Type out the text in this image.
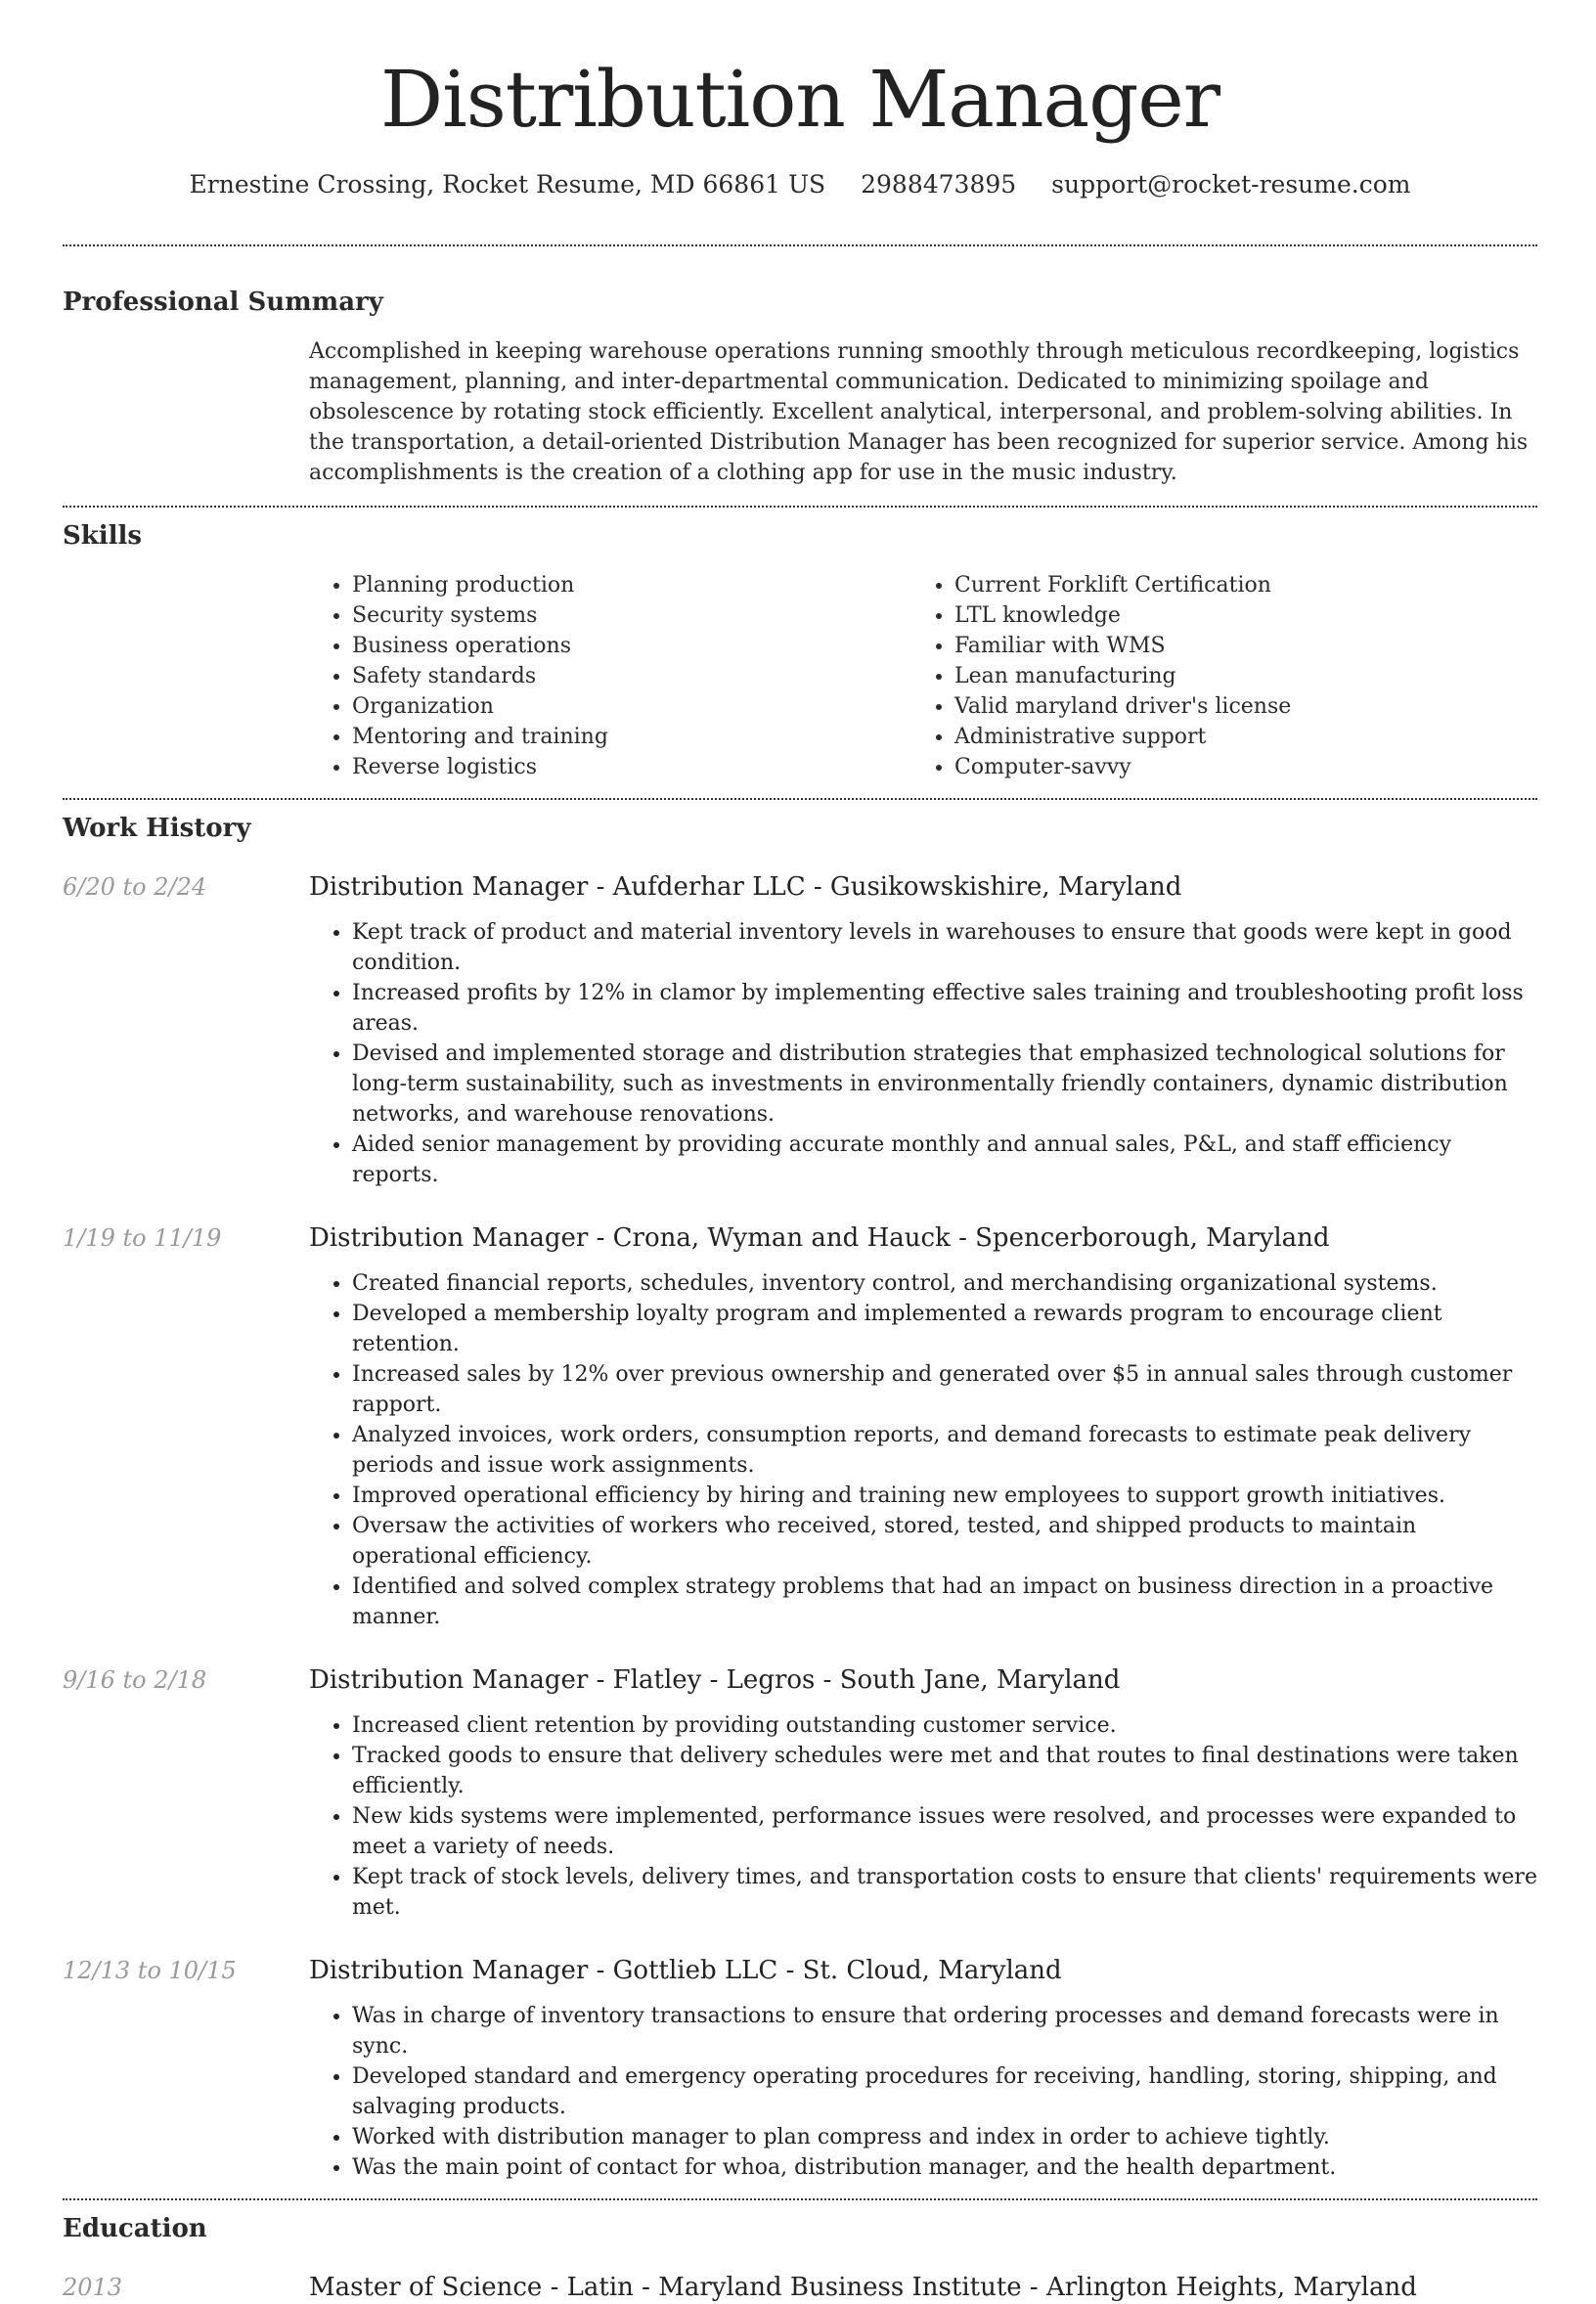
Distribution Manager
Ernestine Crossing, Rocket Resume, MD 66861 US 2988473895 support@rocket-resume.com
Professional Summary

Accomplished in keeping warehouse operations running smoothly through meticulous recordkeeping, logistics management, planning, and inter-departmental communication. Dedicated to minimizing spoilage and obsolescence by rotating stock efficiently. Excellent analytical, interpersonal, and problem-solving abilities. In the transportation, a detail-oriented Distribution Manager has been recognized for superior service. Among his accomplishments is the creation of a clothing app for use in the music industry.

Skills
• Planning production
• Security systems
• Business operations
• Safety standards
• Organization
• Mentoring and training
• Reverse logistics
• Current Forklift Certification
• LTL knowledge
• Familiar with WMS
• Lean manufacturing
• Valid maryland driver's license
• Administrative support
• Computer-savvy
Work History
6/20 to 2/24	Distribution Manager - Aufderhar LLC - Gusikowskishire, Maryland
• Kept track of product and material inventory levels in warehouses to ensure that goods were kept in good condition.
• Increased profits by 12% in clamor by implementing effective sales training and troubleshooting profit loss areas.
• Devised and implemented storage and distribution strategies that emphasized technological solutions for long-term sustainability, such as investments in environmentally friendly containers, dynamic distribution networks, and warehouse renovations.
• Aided senior management by providing accurate monthly and annual sales, P&L, and staff efficiency reports.
1/19 to 11/19	Distribution Manager - Crona, Wyman and Hauck - Spencerborough, Maryland
• Created financial reports, schedules, inventory control, and merchandising organizational systems.
• Developed a membership loyalty program and implemented a rewards program to encourage client retention.
• Increased sales by 12% over previous ownership and generated over $5 in annual sales through customer rapport.
• Analyzed invoices, work orders, consumption reports, and demand forecasts to estimate peak delivery periods and issue work assignments.
• Improved operational efficiency by hiring and training new employees to support growth initiatives.
• Oversaw the activities of workers who received, stored, tested, and shipped products to maintain operational efficiency.
• Identified and solved complex strategy problems that had an impact on business direction in a proactive manner.
9/16 to 2/18	Distribution Manager - Flatley - Legros - South Jane, Maryland
• Increased client retention by providing outstanding customer service.
• Tracked goods to ensure that delivery schedules were met and that routes to final destinations were taken efficiently.
• New kids systems were implemented, performance issues were resolved, and processes were expanded to meet a variety of needs.
• Kept track of stock levels, delivery times, and transportation costs to ensure that clients' requirements were met.
12/13 to 10/15	Distribution Manager - Gottlieb LLC - St. Cloud, Maryland
• Was in charge of inventory transactions to ensure that ordering processes and demand forecasts were in sync.
• Developed standard and emergency operating procedures for receiving, handling, storing, shipping, and salvaging products.
• Worked with distribution manager to plan compress and index in order to achieve tightly.
• Was the main point of contact for whoa, distribution manager, and the health department.
Education
2013	Master of Science - Latin - Maryland Business Institute - Arlington Heights, Maryland
